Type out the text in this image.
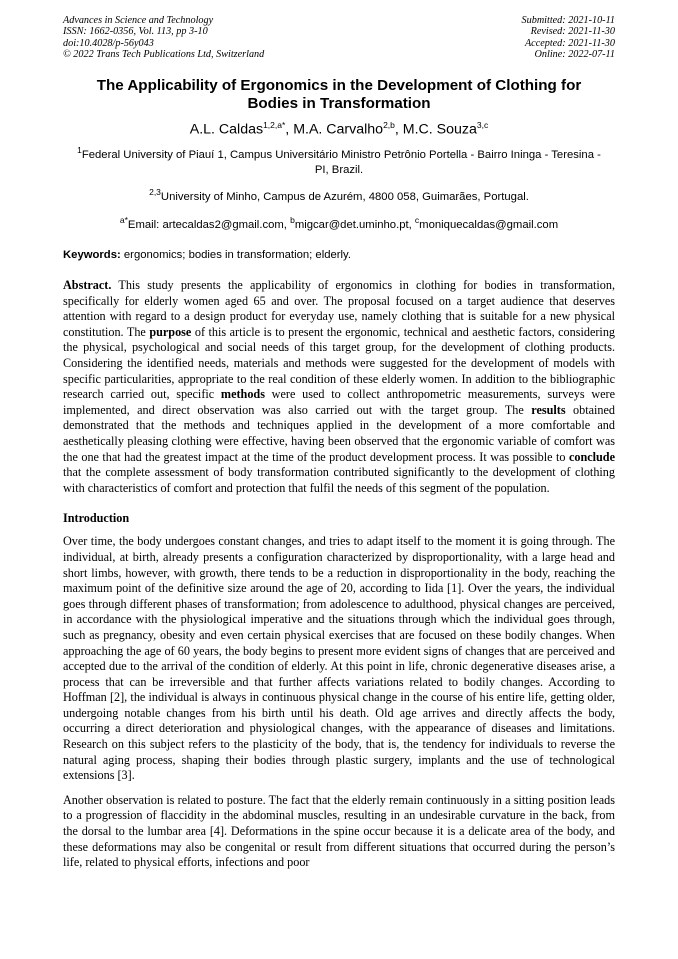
Advances in Science and Technology
ISSN: 1662-0356, Vol. 113, pp 3-10
doi:10.4028/p-56y043
© 2022 Trans Tech Publications Ltd, Switzerland
Submitted: 2021-10-11
Revised: 2021-11-30
Accepted: 2021-11-30
Online: 2022-07-11
The Applicability of Ergonomics in the Development of Clothing for Bodies in Transformation
A.L. Caldas$^{1,2,a*}$, M.A. Carvalho$^{2,b}$, M.C. Souza$^{3,c}$
$^1$Federal University of Piauí 1, Campus Universitário Ministro Petrônio Portella - Bairro Ininga - Teresina - PI, Brazil.
$^{2,3}$University of Minho, Campus de Azurém, 4800 058, Guimarães, Portugal.
$^{a*}$Email: artecaldas2@gmail.com, $^b$migcar@det.uminho.pt, $^c$moniquecaldas@gmail.com
Keywords: ergonomics; bodies in transformation; elderly.
Abstract. This study presents the applicability of ergonomics in clothing for bodies in transformation, specifically for elderly women aged 65 and over. The proposal focused on a target audience that deserves attention with regard to a design product for everyday use, namely clothing that is suitable for a new physical constitution. The purpose of this article is to present the ergonomic, technical and aesthetic factors, considering the physical, psychological and social needs of this target group, for the development of clothing products. Considering the identified needs, materials and methods were suggested for the development of models with specific particularities, appropriate to the real condition of these elderly women. In addition to the bibliographic research carried out, specific methods were used to collect anthropometric measurements, surveys were implemented, and direct observation was also carried out with the target group. The results obtained demonstrated that the methods and techniques applied in the development of a more comfortable and aesthetically pleasing clothing were effective, having been observed that the ergonomic variable of comfort was the one that had the greatest impact at the time of the product development process. It was possible to conclude that the complete assessment of body transformation contributed significantly to the development of clothing with characteristics of comfort and protection that fulfil the needs of this segment of the population.
Introduction
Over time, the body undergoes constant changes, and tries to adapt itself to the moment it is going through. The individual, at birth, already presents a configuration characterized by disproportionality, with a large head and short limbs, however, with growth, there tends to be a reduction in disproportionality in the body, reaching the maximum point of the definitive size around the age of 20, according to Iida [1]. Over the years, the individual goes through different phases of transformation; from adolescence to adulthood, physical changes are perceived, in accordance with the physiological imperative and the situations through which the individual goes through, such as pregnancy, obesity and even certain physical exercises that are focused on these bodily changes. When approaching the age of 60 years, the body begins to present more evident signs of changes that are perceived and accepted due to the arrival of the condition of elderly. At this point in life, chronic degenerative diseases arise, a process that can be irreversible and that further affects variations related to bodily changes. According to Hoffman [2], the individual is always in continuous physical change in the course of his entire life, getting older, undergoing notable changes from his birth until his death. Old age arrives and directly affects the body, occurring a direct deterioration and physiological changes, with the appearance of diseases and limitations. Research on this subject refers to the plasticity of the body, that is, the tendency for individuals to reverse the natural aging process, shaping their bodies through plastic surgery, implants and the use of technological extensions [3].
Another observation is related to posture. The fact that the elderly remain continuously in a sitting position leads to a progression of flaccidity in the abdominal muscles, resulting in an undesirable curvature in the back, from the dorsal to the lumbar area [4]. Deformations in the spine occur because it is a delicate area of the body, and these deformations may also be congenital or result from different situations that occurred during the person’s life, related to physical efforts, infections and poor
